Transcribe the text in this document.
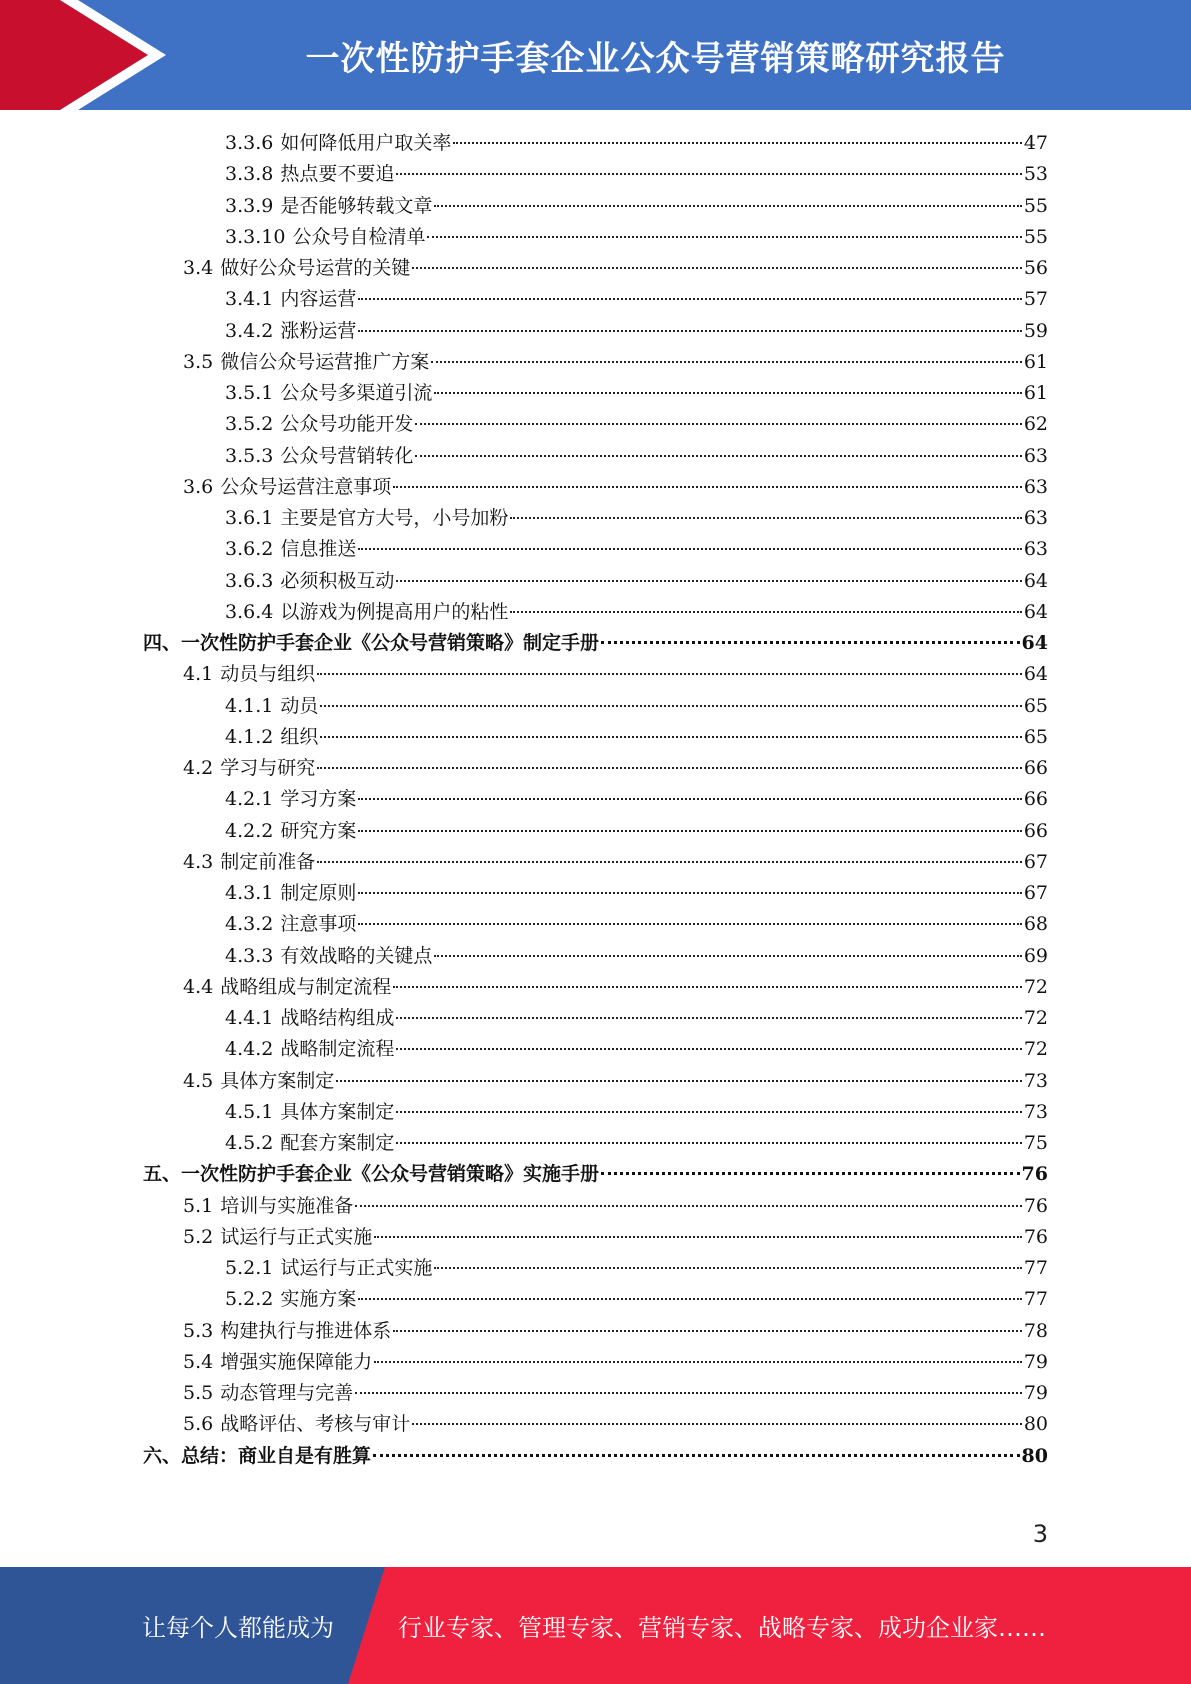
一次性防护手套企业公众号营销策略研究报告
3.3.6 如何降低用户取关率	47
3.3.8 热点要不要追	53
3.3.9 是否能够转载文章	55
3.3.10 公众号自检清单	55
3.4 做好公众号运营的关键	56
3.4.1 内容运营	57
3.4.2 涨粉运营	59
3.5 微信公众号运营推广方案	61
3.5.1 公众号多渠道引流	61
3.5.2 公众号功能开发	62
3.5.3 公众号营销转化	63
3.6 公众号运营注意事项	63
3.6.1 主要是官方大号，小号加粉	63
3.6.2 信息推送	63
3.6.3 必须积极互动	64
3.6.4 以游戏为例提高用户的粘性	64
四、 一次性防护手套企业《公众号营销策略》制定手册	64
4.1 动员与组织	64
4.1.1 动员	65
4.1.2 组织	65
4.2 学习与研究	66
4.2.1 学习方案	66
4.2.2 研究方案	66
4.3 制定前准备	67
4.3.1 制定原则	67
4.3.2 注意事项	68
4.3.3 有效战略的关键点	69
4.4 战略组成与制定流程	72
4.4.1 战略结构组成	72
4.4.2 战略制定流程	72
4.5 具体方案制定	73
4.5.1 具体方案制定	73
4.5.2 配套方案制定	75
五、 一次性防护手套企业《公众号营销策略》实施手册	76
5.1 培训与实施准备	76
5.2 试运行与正式实施	76
5.2.1 试运行与正式实施	77
5.2.2 实施方案	77
5.3 构建执行与推进体系	78
5.4 增强实施保障能力	79
5.5 动态管理与完善	79
5.6 战略评估、考核与审计	80
六、 总结：商业自是有胜算	80
3
让每个人都能成为	行业专家、管理专家、营销专家、战略专家、成功企业家……
